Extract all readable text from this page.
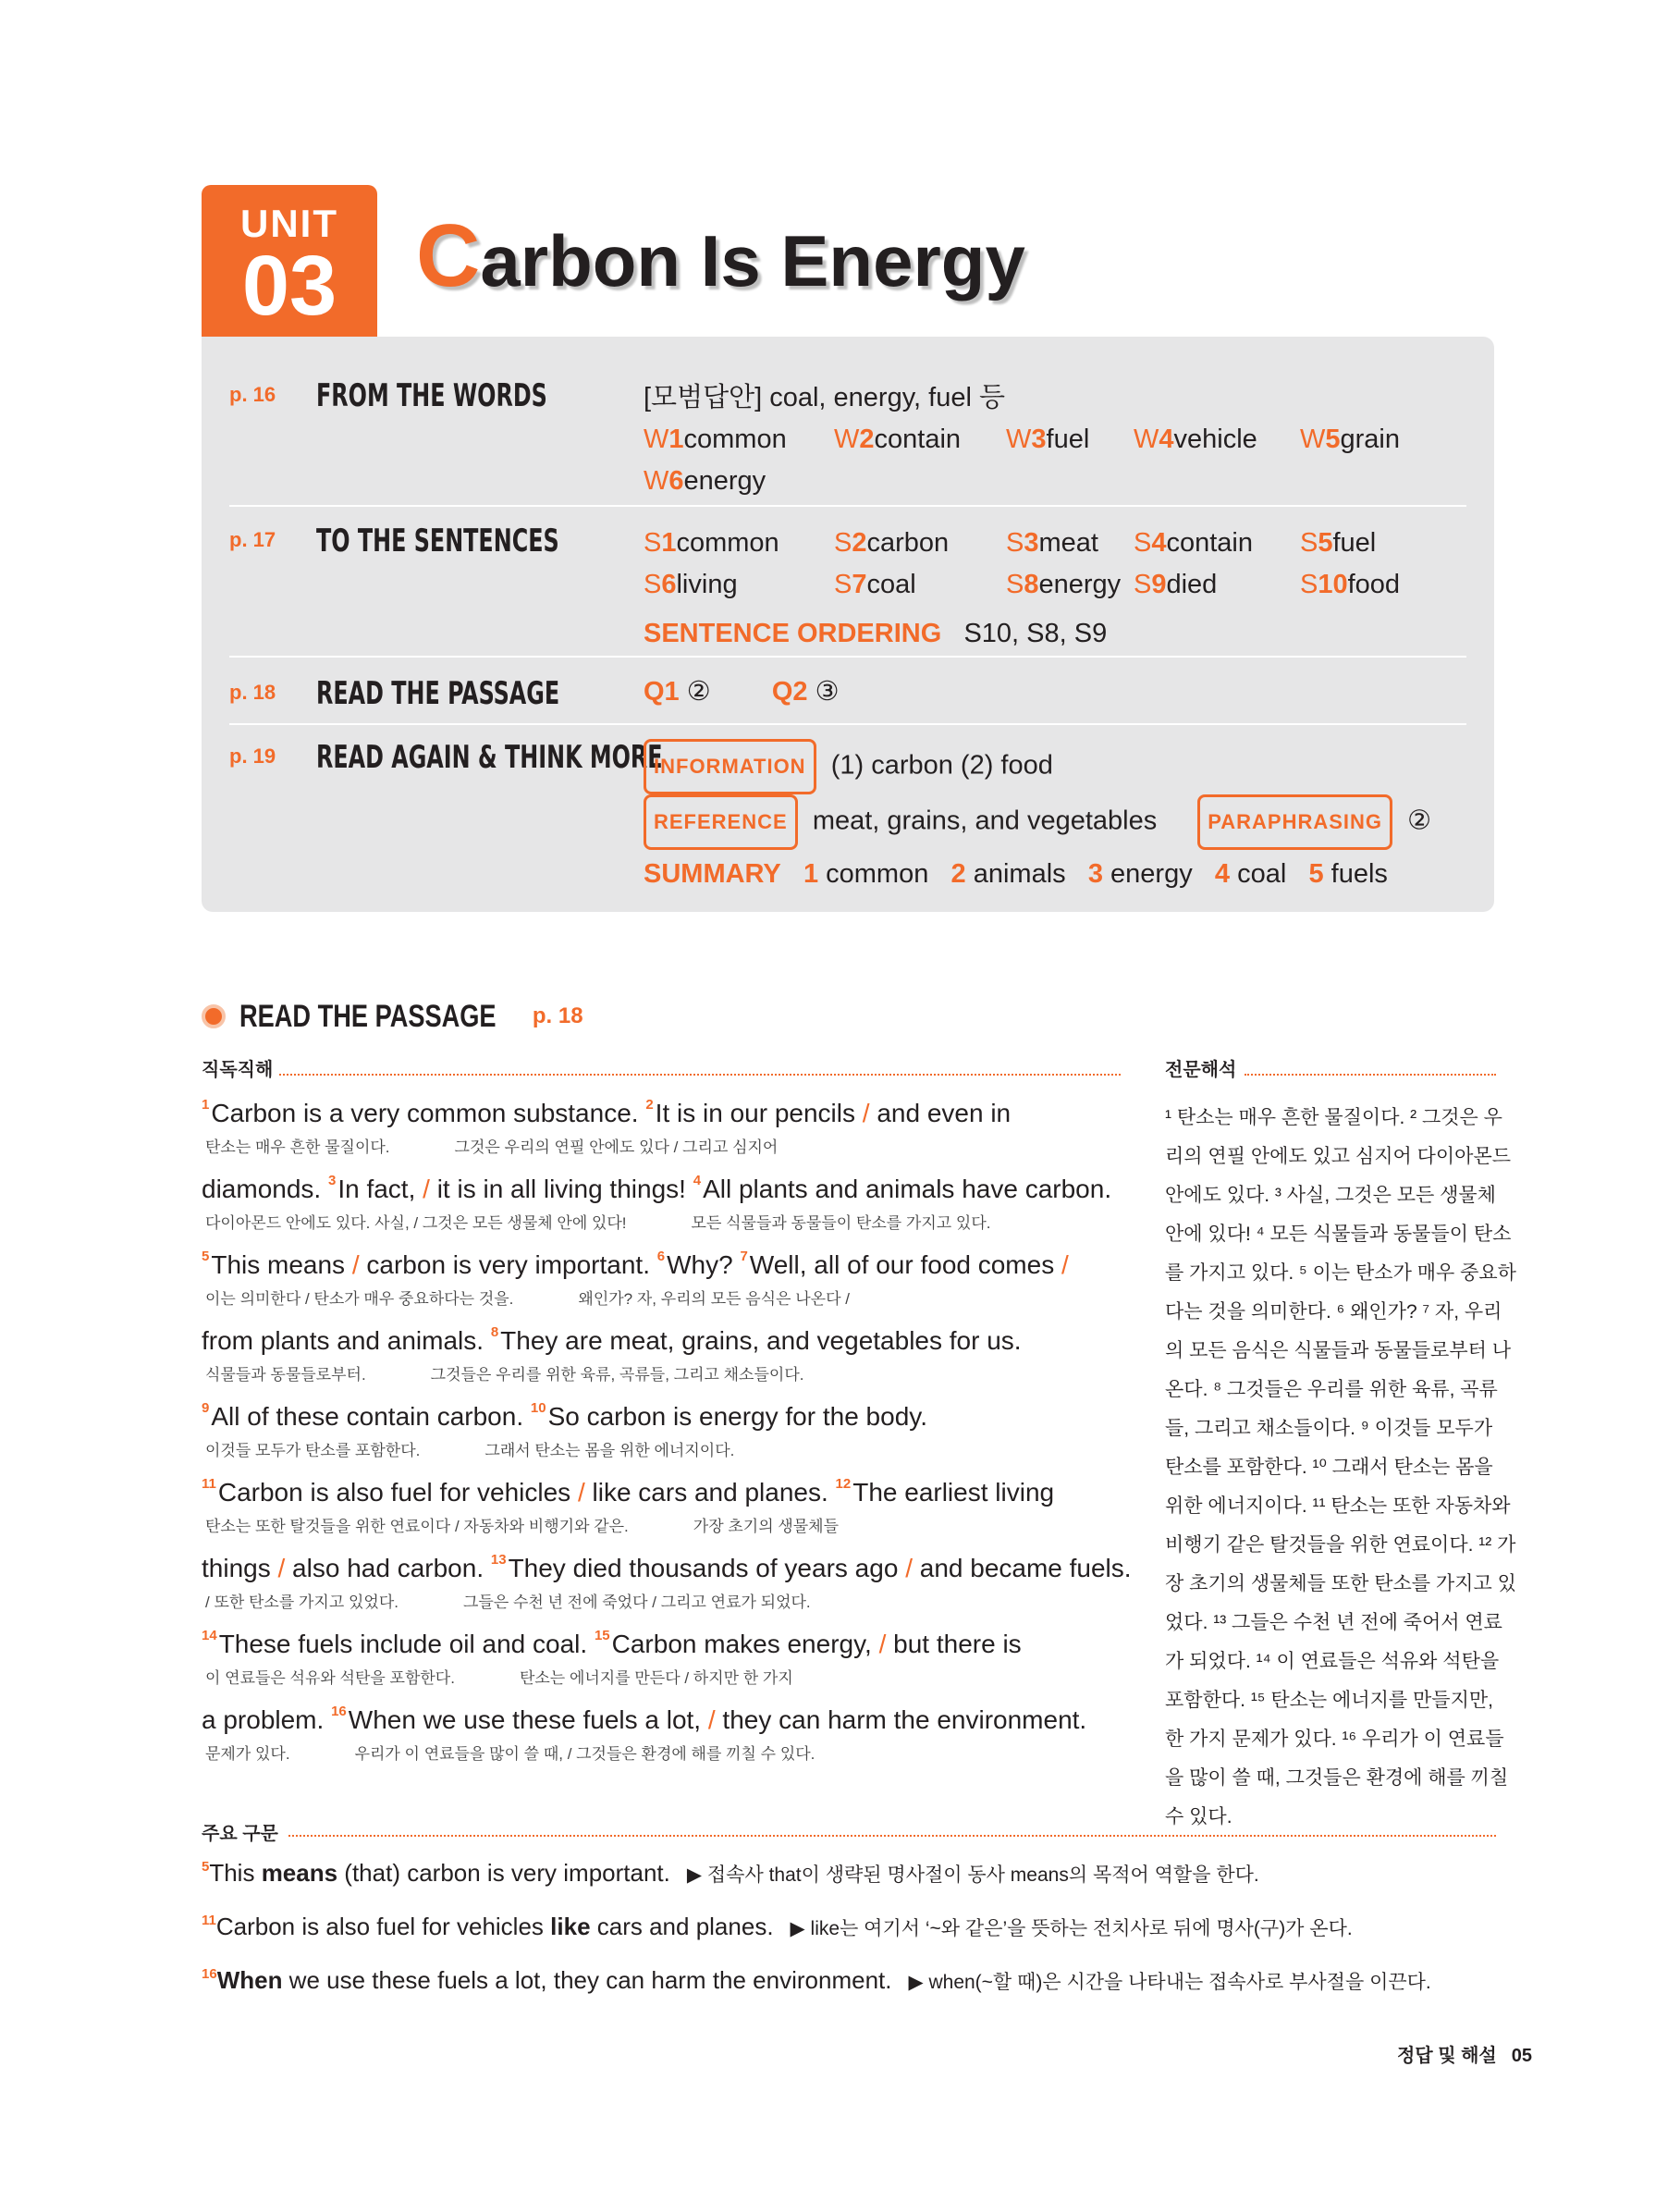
UNIT
03 Carbon Is Energy
p. 16 FROM THE WORDS	[모범답안] coal, energy, fuel 등
W1common W2contain W3fuel W4vehicle W5grain
W6energy
p. 17 TO THE SENTENCES	S1common S2carbon S3meat S4contain S5fuel
S6living	S7coal	S8energy S9died	S10food
SENTENCE ORDERING S10, S8, S9
p. 18 READ THE PASSAGE	Q1 ② Q2 ③
p. 19 READ AGAIN & THINK MORE
INFORMATION (1) carbon (2) food
REFERENCE meat, grains, and vegetables	PARAPHRASING ②
SUMMARY 1 common 2 animals 3 energy 4 coal 5 fuels
READ THE PASSAGE p. 18
직독직해	전문해석
$^1$Carbon is a very common substance. $^2$It is in our pencils / and even in
탄소는 매우 흔한 물질이다.	그것은 우리의 연필 안에도 있다 / 그리고 심지어
diamonds. $^3$In fact, / it is in all living things! $^4$All plants and animals have carbon.
다이아몬드 안에도 있다. 사실, / 그것은 모든 생물체 안에 있다!	모든 식물들과 동물들이 탄소를 가지고 있다.
$^5$This means / carbon is very important. $^6$Why? $^7$Well, all of our food comes /
이는 의미한다 / 탄소가 매우 중요하다는 것을.	왜인가? 자, 우리의 모든 음식은 나온다 /
from plants and animals. $^8$They are meat, grains, and vegetables for us.
식물들과 동물들로부터.	그것들은 우리를 위한 육류, 곡류들, 그리고 채소들이다.
$^9$All of these contain carbon. $^{10}$So carbon is energy for the body.
이것들 모두가 탄소를 포함한다.	그래서 탄소는 몸을 위한 에너지이다.
$^{11}$Carbon is also fuel for vehicles / like cars and planes. $^{12}$The earliest living
탄소는 또한 탈것들을 위한 연료이다 / 자동차와 비행기와 같은.	가장 초기의 생물체들
things / also had carbon. $^{13}$They died thousands of years ago / and became fuels.
/ 또한 탄소를 가지고 있었다.	그들은 수천 년 전에 죽었다 / 그리고 연료가 되었다.
$^{14}$These fuels include oil and coal. $^{15}$Carbon makes energy, / but there is
이 연료들은 석유와 석탄을 포함한다.	탄소는 에너지를 만든다 / 하지만 한 가지
a problem. $^{16}$When we use these fuels a lot, / they can harm the environment.
문제가 있다.	우리가 이 연료들을 많이 쓸 때, / 그것들은 환경에 해를 끼칠 수 있다.
¹ 탄소는 매우 흔한 물질이다. ² 그것은 우리의 연필 안에도 있고 심지어 다이아몬드 안에도 있다. ³ 사실, 그것은 모든 생물체 안에 있다! ⁴ 모든 식물들과 동물들이 탄소를 가지고 있다. ⁵ 이는 탄소가 매우 중요하다는 것을 의미한다. ⁶ 왜인가? ⁷ 자, 우리의 모든 음식은 식물들과 동물들로부터 나온다. ⁸ 그것들은 우리를 위한 육류, 곡류들, 그리고 채소들이다. ⁹ 이것들 모두가 탄소를 포함한다. ¹⁰ 그래서 탄소는 몸을 위한 에너지이다. ¹¹ 탄소는 또한 자동차와 비행기 같은 탈것들을 위한 연료이다. ¹² 가장 초기의 생물체들 또한 탄소를 가지고 있었다. ¹³ 그들은 수천 년 전에 죽어서 연료가 되었다. ¹⁴ 이 연료들은 석유와 석탄을 포함한다. ¹⁵ 탄소는 에너지를 만들지만, 한 가지 문제가 있다. ¹⁶ 우리가 이 연료들을 많이 쓸 때, 그것들은 환경에 해를 끼칠 수 있다.
주요 구문
$^5$This means (that) carbon is very important. ▶ 접속사 that이 생략된 명사절이 동사 means의 목적어 역할을 한다.
$^{11}$Carbon is also fuel for vehicles like cars and planes. ▶ like는 여기서 ‘~와 같은’을 뜻하는 전치사로 뒤에 명사(구)가 온다.
$^{16}$When we use these fuels a lot, they can harm the environment. ▶ when(~할 때)은 시간을 나타내는 접속사로 부사절을 이끈다.
정답 및 해설 05
